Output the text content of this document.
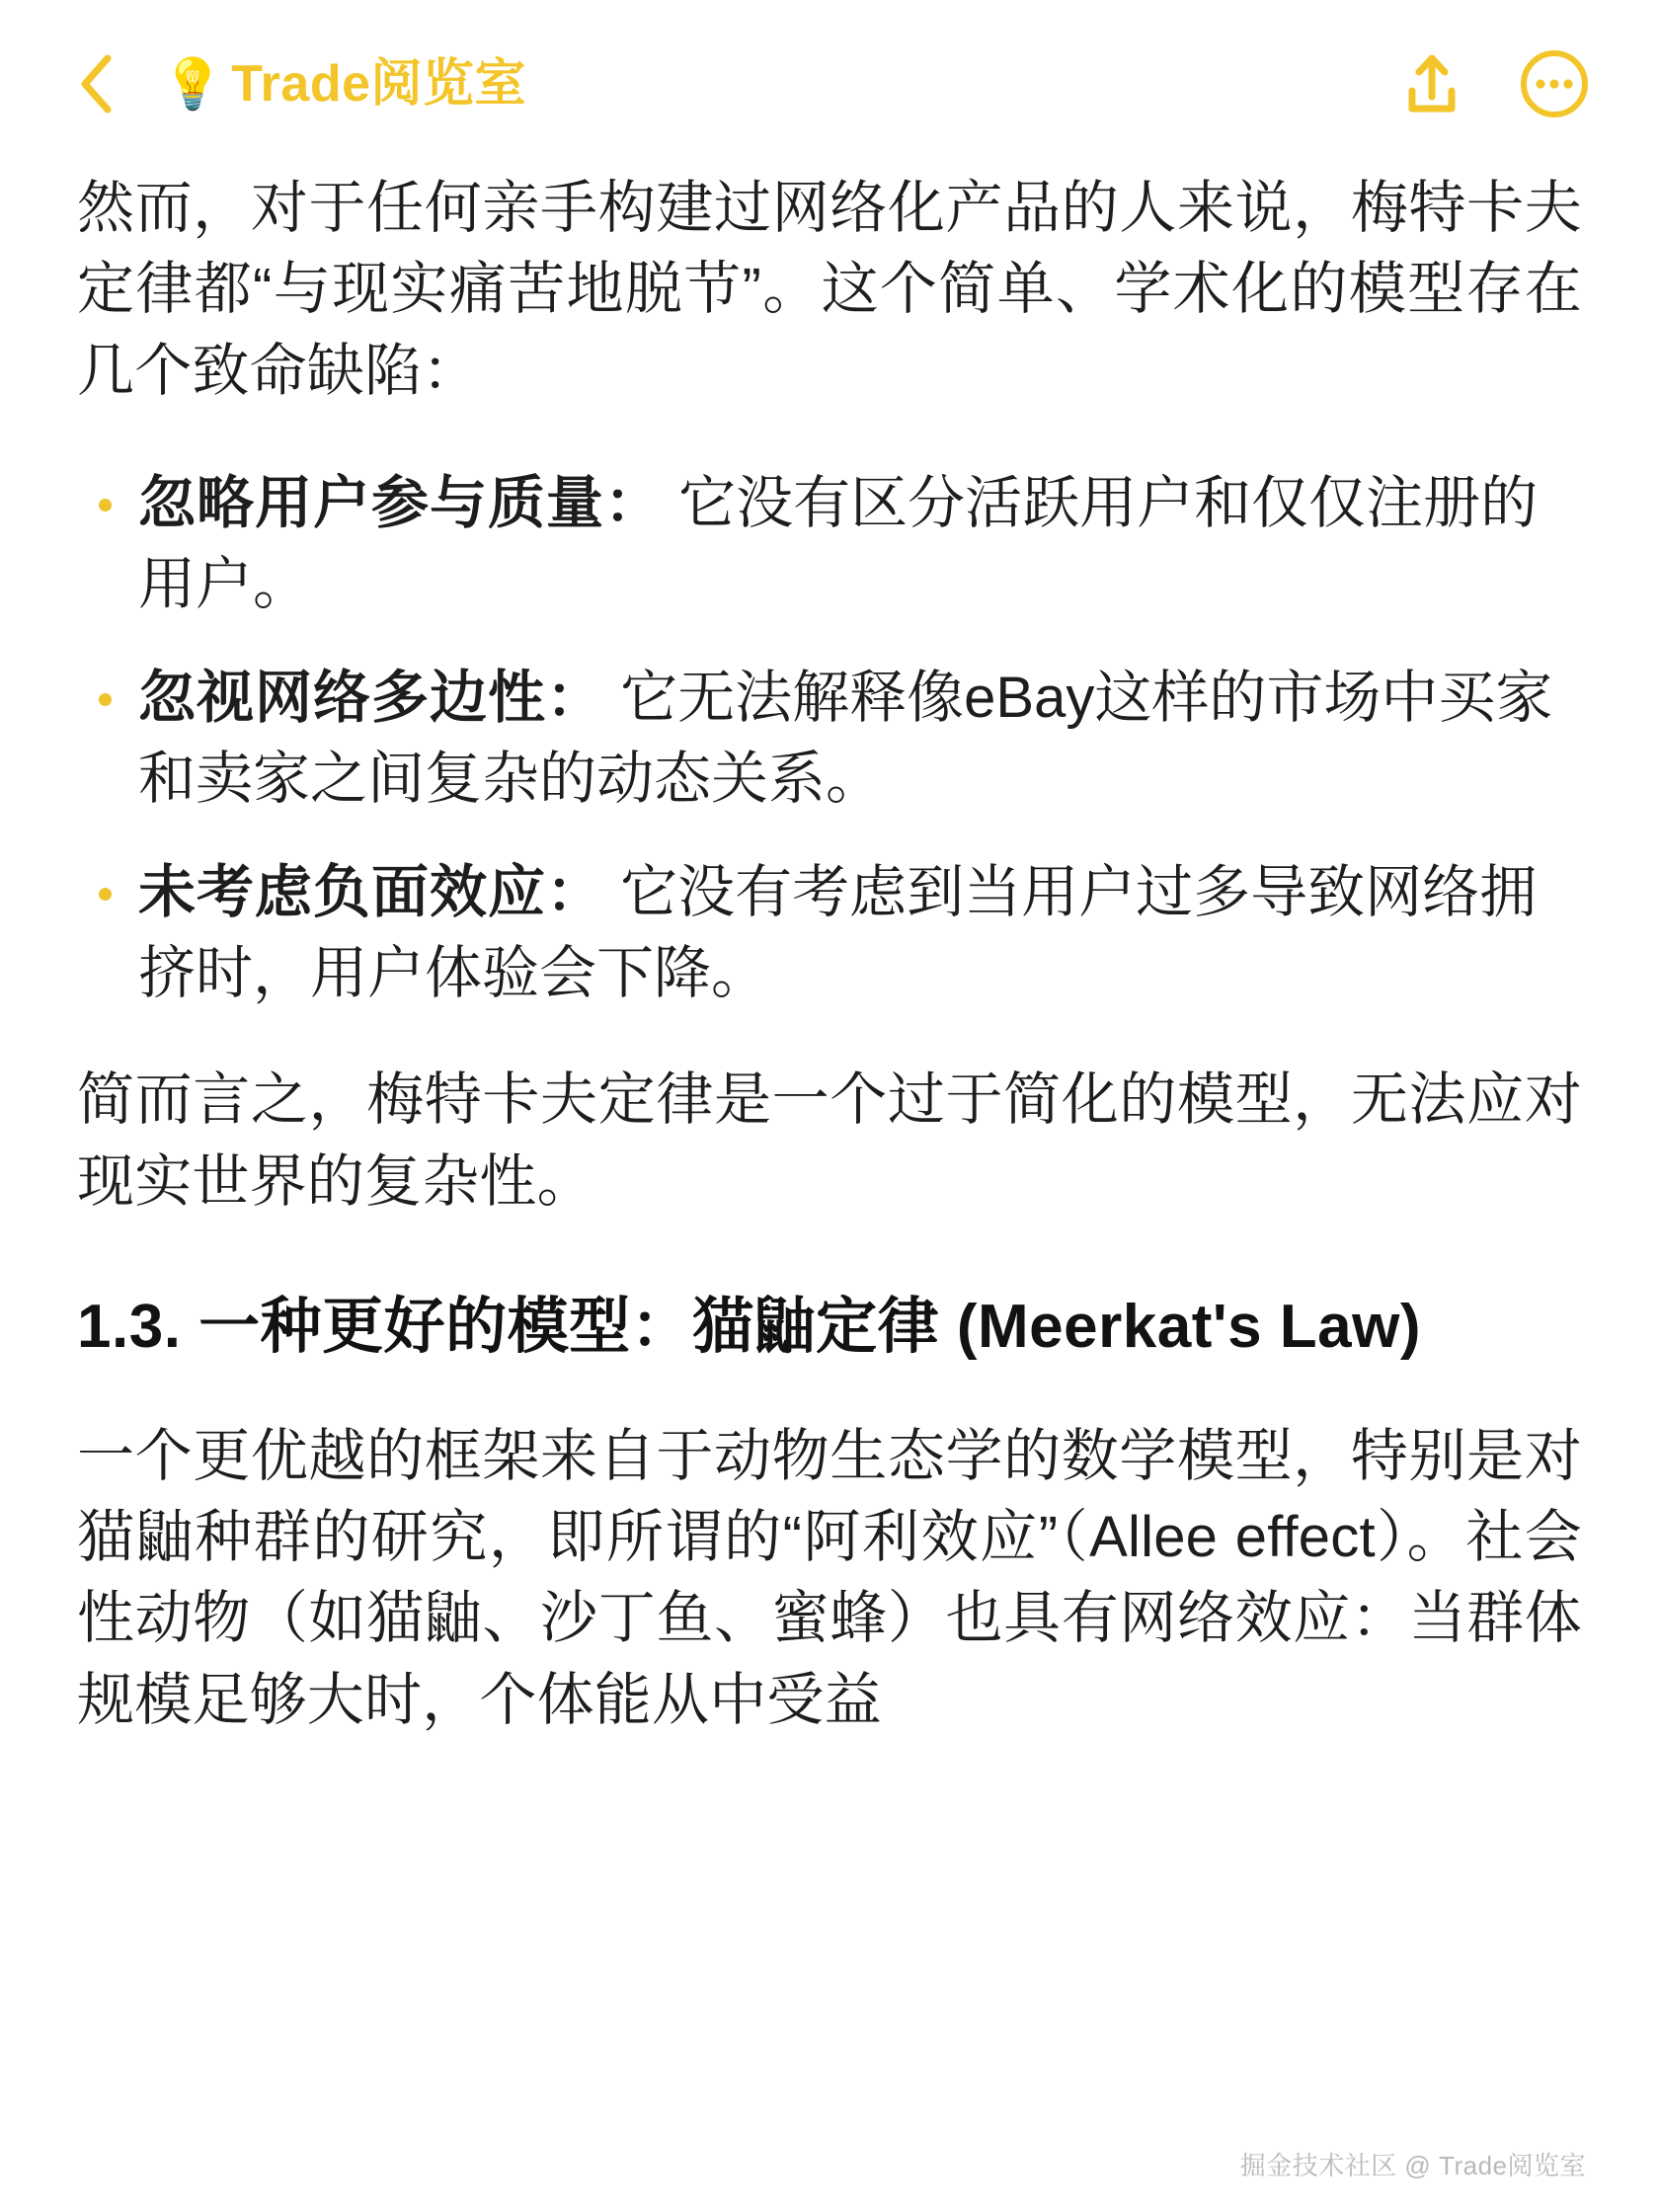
💡 Trade阅览室

然而，对于任何亲手构建过网络化产品的人来说，梅特卡夫定律都“与现实痛苦地脱节”。这个简单、学术化的模型存在几个致命缺陷：

忽略用户参与质量： 它没有区分活跃用户和仅仅注册的用户。
忽视网络多边性： 它无法解释像eBay这样的市场中买家和卖家之间复杂的动态关系。
未考虑负面效应： 它没有考虑到当用户过多导致网络拥挤时，用户体验会下降。

简而言之，梅特卡夫定律是一个过于简化的模型，无法应对现实世界的复杂性。

1.3. 一种更好的模型：猫鼬定律 (Meerkat's Law)

一个更优越的框架来自于动物生态学的数学模型，特别是对猫鼬种群的研究，即所谓的“阿利效应”（Allee effect）。社会性动物（如猫鼬、沙丁鱼、蜜蜂）也具有网络效应：当群体规模足够大时，个体能从中受益

掘金技术社区 @ Trade阅览室
